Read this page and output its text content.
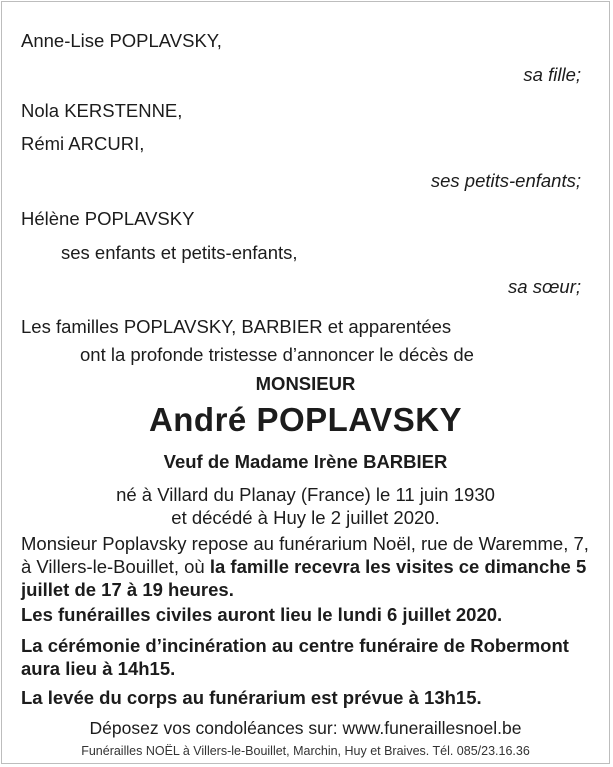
Anne-Lise POPLAVSKY,
sa fille;
Nola KERSTENNE,
Rémi ARCURI,
ses petits-enfants;
Hélène POPLAVSKY
ses enfants et petits-enfants,
sa sœur;
Les familles POPLAVSKY, BARBIER et apparentées
ont la profonde tristesse d’annoncer le décès de
MONSIEUR
André POPLAVSKY
Veuf de Madame Irène BARBIER
né à Villard du Planay (France) le 11 juin 1930
et décédé à Huy le 2 juillet 2020.
Monsieur Poplavsky repose au funérarium Noël, rue de Waremme, 7, à Villers-le-Bouillet, où la famille recevra les visites ce dimanche 5 juillet de 17 à 19 heures.
Les funérailles civiles auront lieu le lundi 6 juillet 2020.
La cérémonie d’incinération au centre funéraire de Robermont aura lieu à 14h15.
La levée du corps au funérarium est prévue à 13h15.
Déposez vos condoléances sur: www.funeraillesnoel.be
Funérailles NOËL à Villers-le-Bouillet, Marchin, Huy et Braives. Tél. 085/23.16.36
